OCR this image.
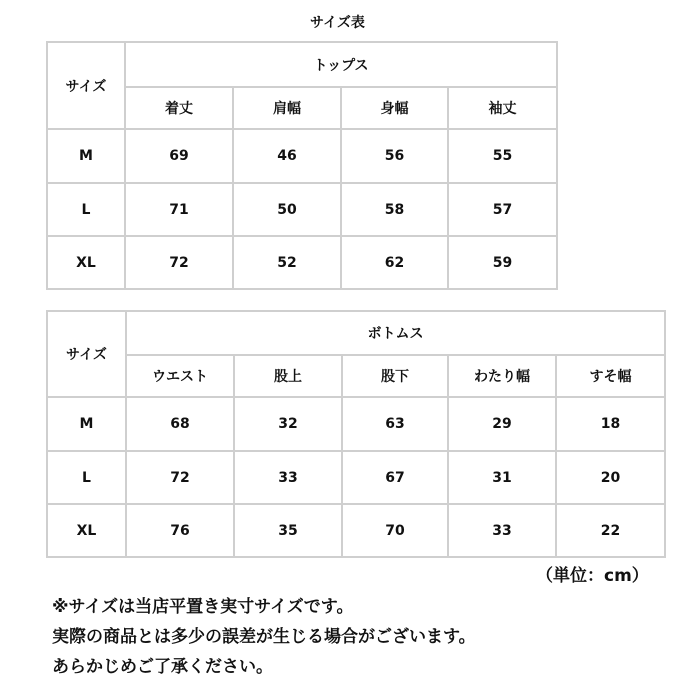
サイズ表
サイズ	トップス			
	着丈	肩幅	身幅	袖丈
M	69	46	56	55
L	71	50	58	57
XL	72	52	62	59
サイズ	ボトムス				
	ウエスト	股上	股下	わたり幅	すそ幅
M	68	32	63	29	18
L	72	33	67	31	20
XL	76	35	70	33	22
（単位：cm）
※サイズは当店平置き実寸サイズです。
実際の商品とは多少の誤差が生じる場合がございます。
あらかじめご了承ください。
